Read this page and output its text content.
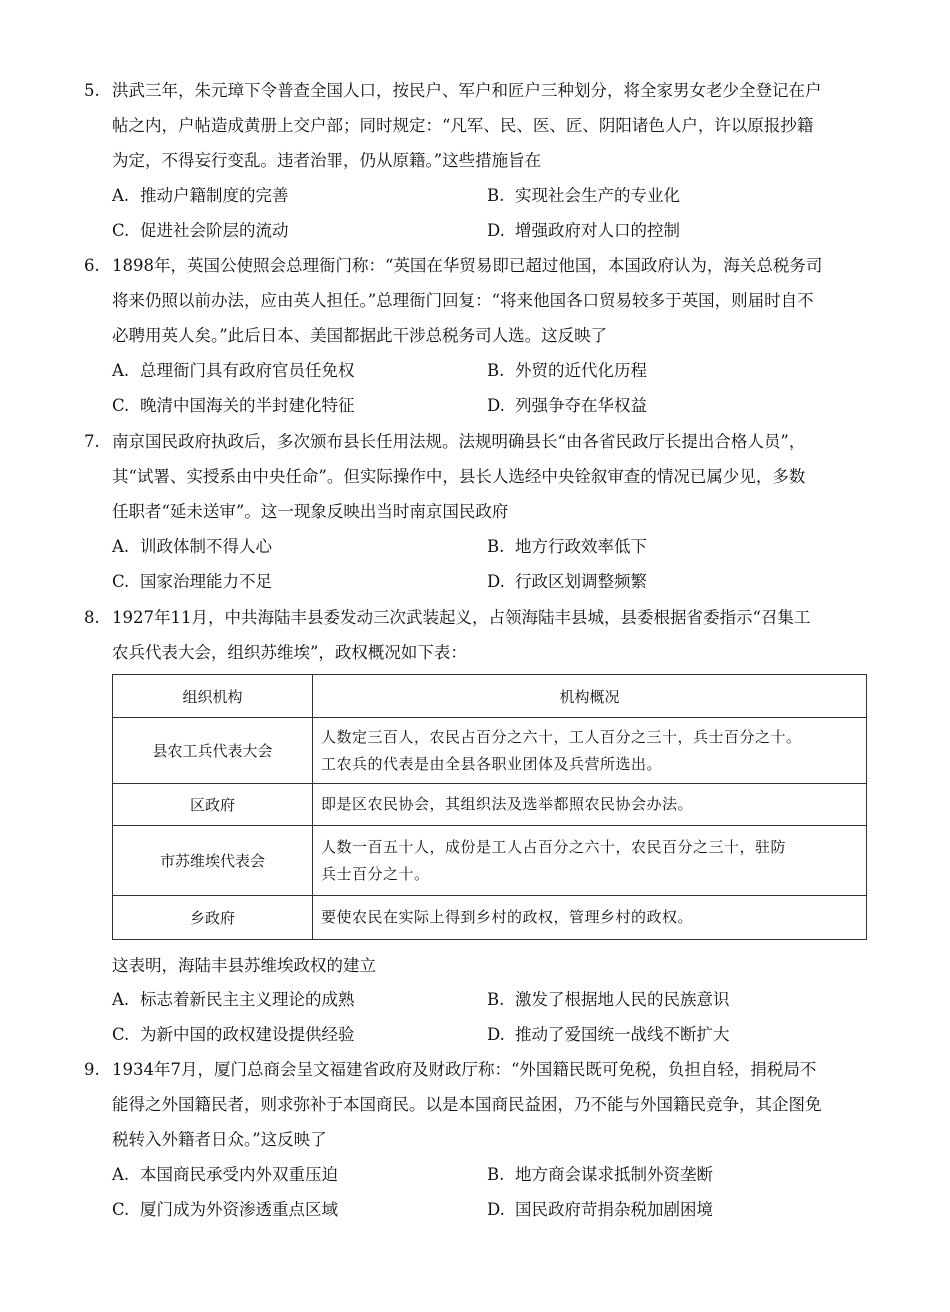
5. 洪武三年，朱元璋下令普查全国人口，按民户、军户和匠户三种划分，将全家男女老少全登记在户
帖之内，户帖造成黄册上交户部；同时规定：“凡军、民、医、匠、阴阳诸色人户，许以原报抄籍
为定，不得妄行变乱。违者治罪，仍从原籍。”这些措施旨在
A. 推动户籍制度的完善	B. 实现社会生产的专业化
C. 促进社会阶层的流动	D. 增强政府对人口的控制
6. 1898年，英国公使照会总理衙门称：“英国在华贸易即已超过他国，本国政府认为，海关总税务司
将来仍照以前办法，应由英人担任。”总理衙门回复：“将来他国各口贸易较多于英国，则届时自不
必聘用英人矣。”此后日本、美国都据此干涉总税务司人选。这反映了
A. 总理衙门具有政府官员任免权	B. 外贸的近代化历程
C. 晚清中国海关的半封建化特征	D. 列强争夺在华权益
7. 南京国民政府执政后，多次颁布县长任用法规。法规明确县长“由各省民政厅长提出合格人员”，
其“试署、实授系由中央任命”。但实际操作中，县长人选经中央铨叙审查的情况已属少见，多数
任职者“延未送审”。这一现象反映出当时南京国民政府
A. 训政体制不得人心	B. 地方行政效率低下
C. 国家治理能力不足	D. 行政区划调整频繁
8. 1927年11月，中共海陆丰县委发动三次武装起义，占领海陆丰县城，县委根据省委指示“召集工
农兵代表大会，组织苏维埃”，政权概况如下表：
组织机构	机构概况
县农工兵代表大会	人数定三百人，农民占百分之六十，工人百分之三十，兵士百分之十。
工农兵的代表是由全县各职业团体及兵营所选出。

区政府	即是区农民协会，其组织法及选举都照农民协会办法。

市苏维埃代表会	人数一百五十人，成份是工人占百分之六十，农民百分之三十，驻防
兵士百分之十。

乡政府	要使农民在实际上得到乡村的政权，管理乡村的政权。
这表明，海陆丰县苏维埃政权的建立
A. 标志着新民主主义理论的成熟	B. 激发了根据地人民的民族意识
C. 为新中国的政权建设提供经验	D. 推动了爱国统一战线不断扩大
9. 1934年7月，厦门总商会呈文福建省政府及财政厅称：“外国籍民既可免税，负担自轻，捐税局不
能得之外国籍民者，则求弥补于本国商民。以是本国商民益困，乃不能与外国籍民竞争，其企图免
税转入外籍者日众。”这反映了
A. 本国商民承受内外双重压迫	B. 地方商会谋求抵制外资垄断
C. 厦门成为外资渗透重点区域	D. 国民政府苛捐杂税加剧困境
